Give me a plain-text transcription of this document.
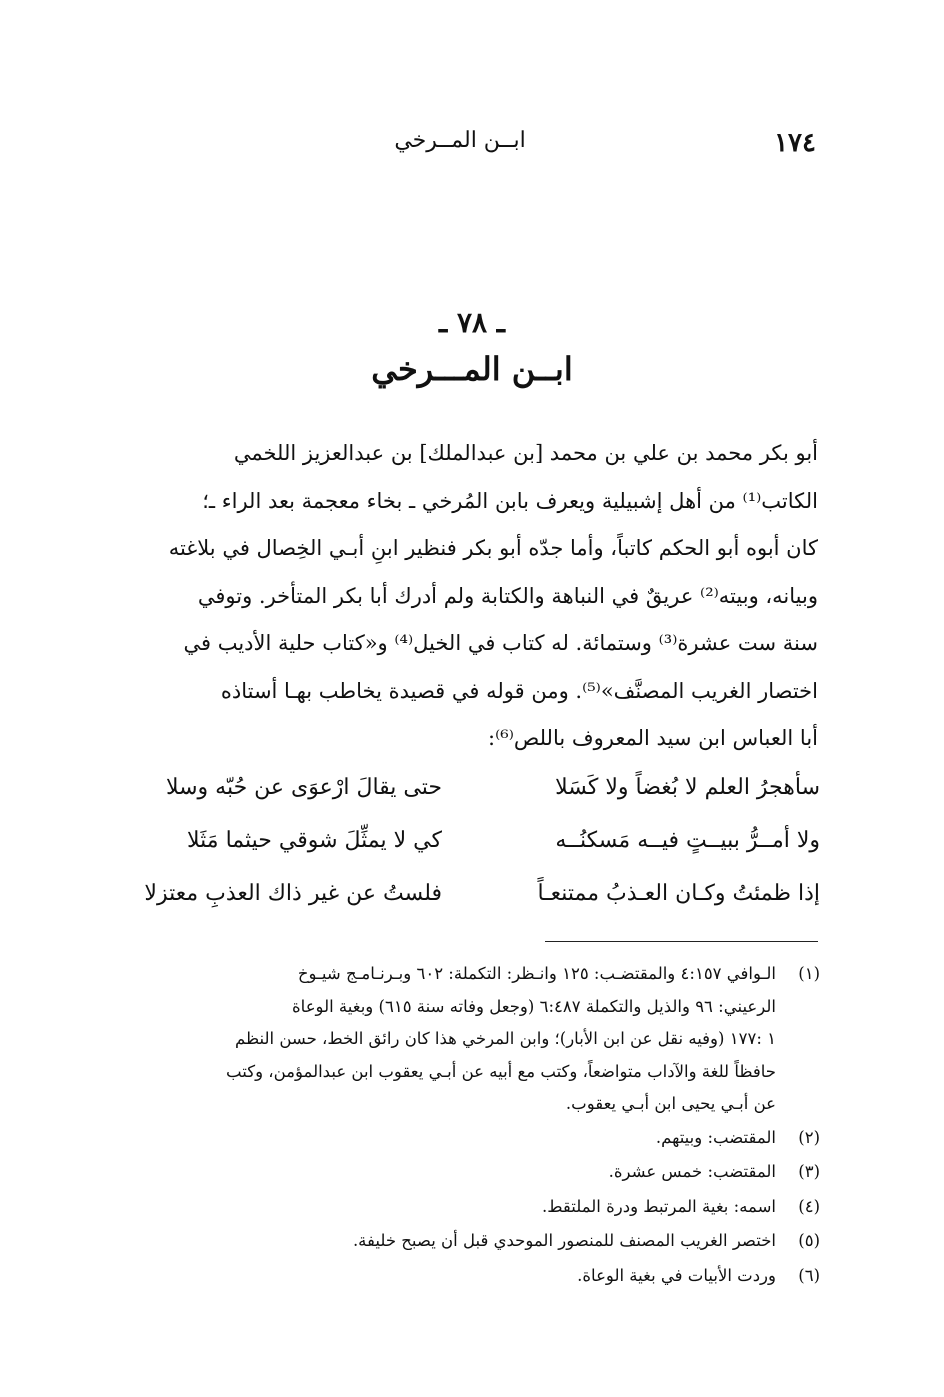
١٧٤
ابــن المــرخي
ـ ٧٨ ـ
ابــن المـــرخي
أبو بكر محمد بن علي بن محمد [بن عبدالملك] بن عبدالعزيز اللخمي
الكاتب⁽¹⁾ من أهل إشبيلية ويعرف بابن المُرخي ـ بخاء معجمة بعد الراء ـ؛
كان أبوه أبو الحكم كاتباً، وأما جدّه أبو بكر فنظير ابنِ أبـي الخِصال في بلاغته
وبيانه، وبيته⁽²⁾ عريقٌ في النباهة والكتابة ولم أدرك أبا بكر المتأخر. وتوفي
سنة ست عشرة⁽³⁾ وستمائة. له كتاب في الخيل⁽⁴⁾ و«كتاب حلية الأديب في
اختصار الغريب المصنَّف»⁽⁵⁾. ومن قوله في قصيدة يخاطب بهـا أستاذه
أبا العباس ابن سيد المعروف باللص⁽⁶⁾:
سأهجرُ العلم لا بُغضاً ولا كَسَلا
حتى يقالَ ارْعوَى عن حُبّه وسلا
ولا أمــرُّ ببيــتٍ فيــه مَسكنُــه
كي لا يمثِّلَ شوقي حيثما مَثَلا
إذا ظمئتُ وكـان العـذبُ ممتنعـاً
فلستُ عن غير ذاك العذبِ معتزلا
(١)
الـوافي ٤:١٥٧ والمقتضـب: ١٢٥ وانـظر: التكملة: ٦٠٢ وبـرنـامـج شيـوخ
الرعيني: ٩٦ والذيل والتكملة ٦:٤٨٧ (وجعل وفاته سنة ٦١٥) وبغية الوعاة
١ :١٧٧ (وفيه نقل عن ابن الأبار)؛ وابن المرخي هذا كان رائق الخط، حسن النظم
حافظاً للغة والآداب متواضعاً، وكتب مع أبيه عن أبـي يعقوب ابن عبدالمؤمن، وكتب
عن أبـي يحيى ابن أبـي يعقوب.
(٢)
المقتضب: وبيتهم.
(٣)
المقتضب: خمس عشرة.
(٤)
اسمه: بغية المرتبط ودرة الملتقط.
(٥)
اختصر الغريب المصنف للمنصور الموحدي قبل أن يصبح خليفة.
(٦)
وردت الأبيات في بغية الوعاة.
